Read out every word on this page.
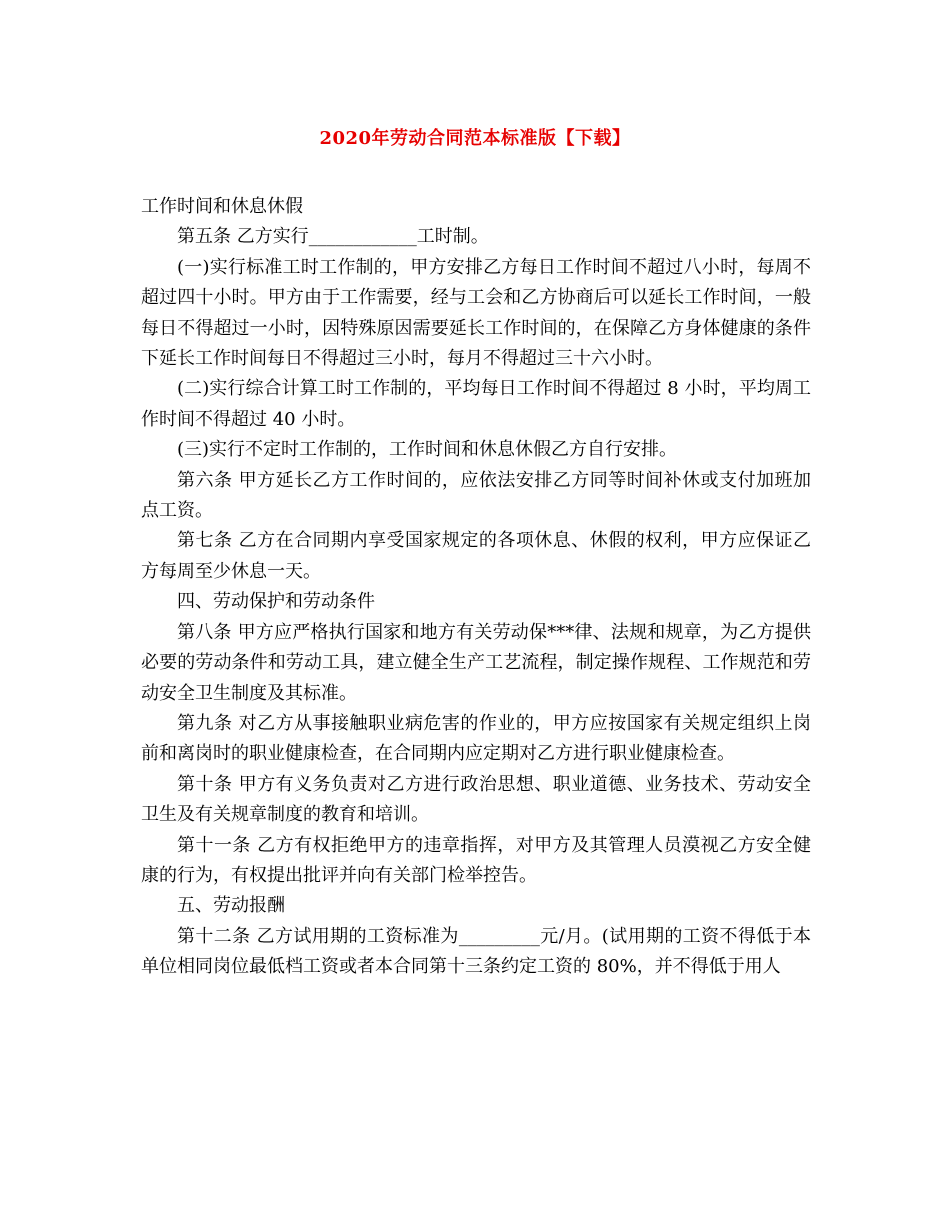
2020年劳动合同范本标准版【下载】

工作时间和休息休假

第五条 乙方实行____________工时制。

(一)实行标准工时工作制的，甲方安排乙方每日工作时间不超过八小时，每周不超过四十小时。甲方由于工作需要，经与工会和乙方协商后可以延长工作时间，一般每日不得超过一小时，因特殊原因需要延长工作时间的，在保障乙方身体健康的条件下延长工作时间每日不得超过三小时，每月不得超过三十六小时。

(二)实行综合计算工时工作制的，平均每日工作时间不得超过 8 小时，平均周工作时间不得超过 40 小时。

(三)实行不定时工作制的，工作时间和休息休假乙方自行安排。

第六条 甲方延长乙方工作时间的，应依法安排乙方同等时间补休或支付加班加点工资。

第七条 乙方在合同期内享受国家规定的各项休息、休假的权利，甲方应保证乙方每周至少休息一天。

四、劳动保护和劳动条件

第八条 甲方应严格执行国家和地方有关劳动保***律、法规和规章，为乙方提供必要的劳动条件和劳动工具，建立健全生产工艺流程，制定操作规程、工作规范和劳动安全卫生制度及其标准。

第九条 对乙方从事接触职业病危害的作业的，甲方应按国家有关规定组织上岗前和离岗时的职业健康检查，在合同期内应定期对乙方进行职业健康检查。

第十条 甲方有义务负责对乙方进行政治思想、职业道德、业务技术、劳动安全卫生及有关规章制度的教育和培训。

第十一条 乙方有权拒绝甲方的违章指挥，对甲方及其管理人员漠视乙方安全健康的行为，有权提出批评并向有关部门检举控告。

五、劳动报酬

第十二条 乙方试用期的工资标准为_________元/月。(试用期的工资不得低于本单位相同岗位最低档工资或者本合同第十三条约定工资的 80%，并不得低于用人
